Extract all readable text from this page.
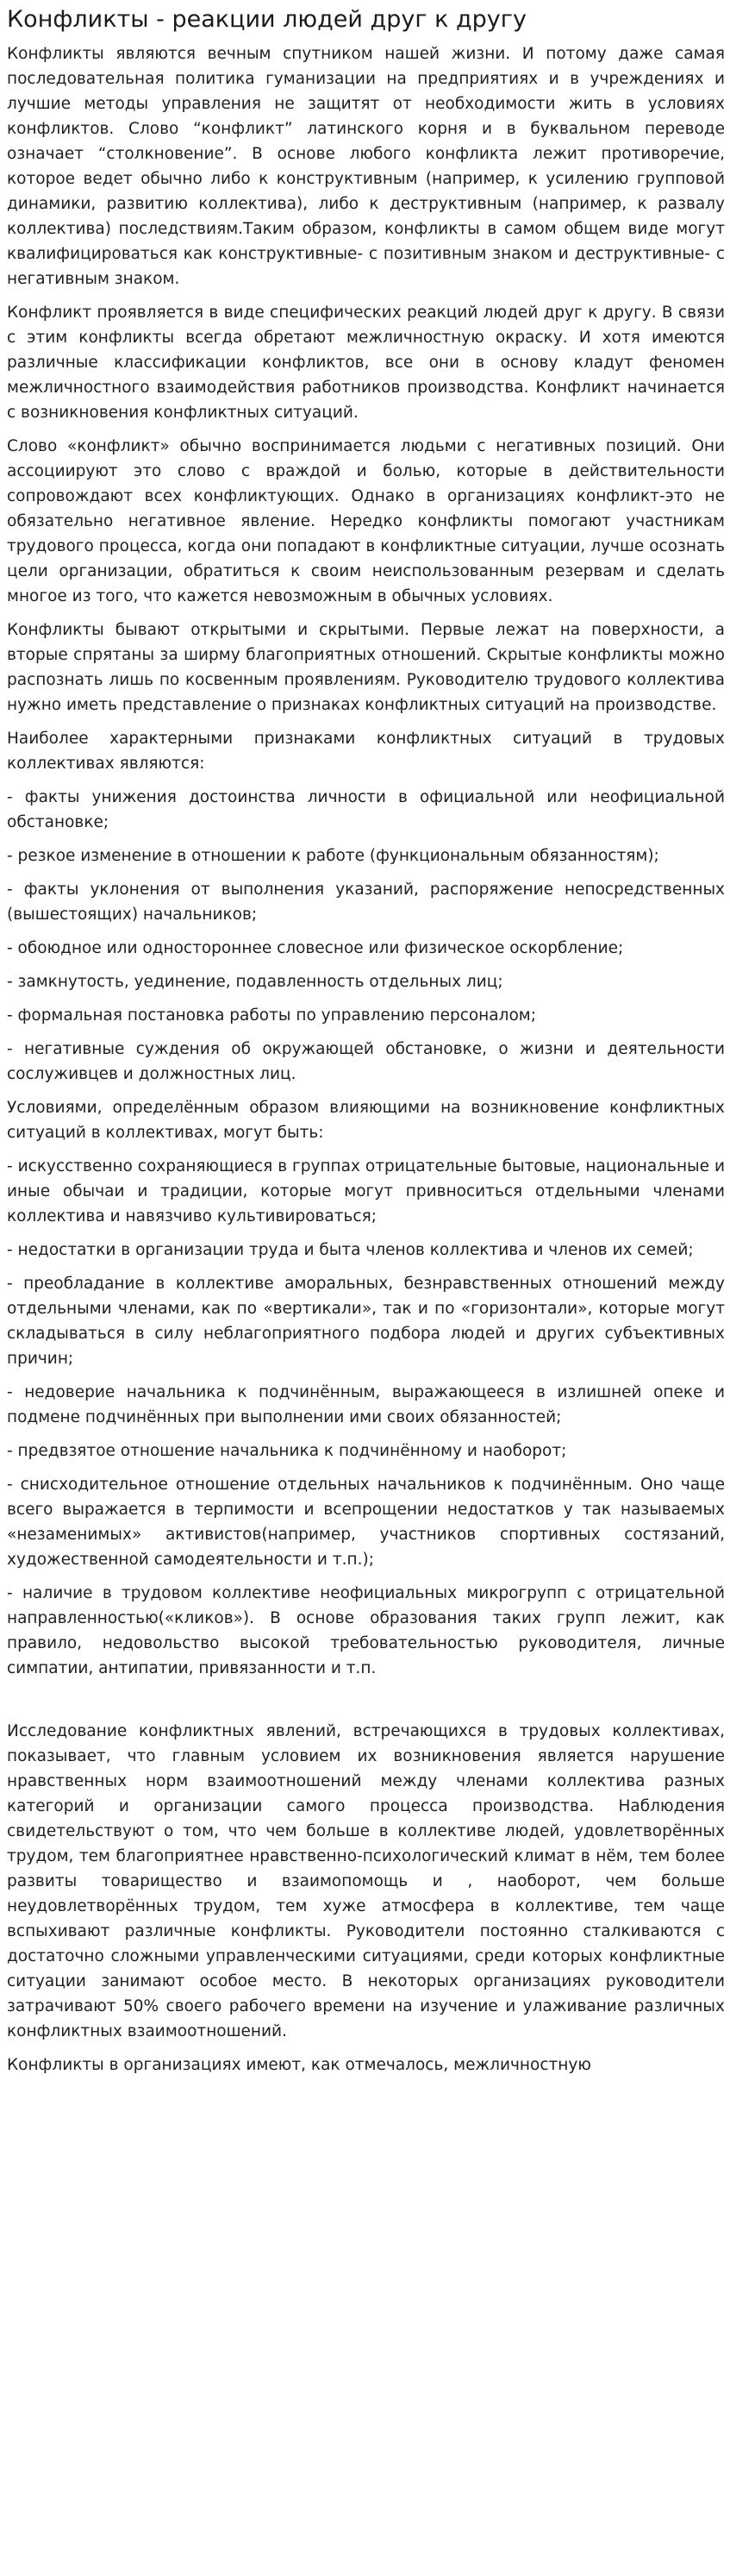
Конфликты - реакции людей друг к другу

Конфликты являются вечным спутником нашей жизни. И потому даже самая последовательная политика гуманизации на предприятиях и в учреждениях и лучшие методы управления не защитят от необходимости жить в условиях конфликтов. Слово “конфликт” латинского корня и в буквальном переводе означает “столкновение”. В основе любого конфликта лежит противоречие, которое ведет обычно либо к конструктивным (например, к усилению групповой динамики, развитию коллектива), либо к деструктивным (например, к развалу коллектива) последствиям.Таким образом, конфликты в самом общем виде могут квалифицироваться как конструктивные- с позитивным знаком и деструктивные- с негативным знаком.

Конфликт проявляется в виде специфических реакций людей друг к другу. В связи с этим конфликты всегда обретают межличностную окраску. И хотя имеются различные классификации конфликтов, все они в основу кладут феномен межличностного взаимодействия работников производства. Конфликт начинается с возникновения конфликтных ситуаций.

Слово «конфликт» обычно воспринимается людьми с негативных позиций. Они ассоциируют это слово с враждой и болью, которые в действительности сопровождают всех конфликтующих. Однако в организациях конфликт-это не обязательно негативное явление. Нередко конфликты помогают участникам трудового процесса, когда они попадают в конфликтные ситуации, лучше осознать цели организации, обратиться к своим неиспользованным резервам и сделать многое из того, что кажется невозможным в обычных условиях.

Конфликты бывают открытыми и скрытыми. Первые лежат на поверхности, а вторые спрятаны за ширму благоприятных отношений. Скрытые конфликты можно распознать лишь по косвенным проявлениям. Руководителю трудового коллектива нужно иметь представление о признаках конфликтных ситуаций на производстве.

Наиболее характерными признаками конфликтных ситуаций в трудовых коллективах являются:

- факты унижения достоинства личности в официальной или неофициальной обстановке;

- резкое изменение в отношении к работе (функциональным обязанностям);

- факты уклонения от выполнения указаний, распоряжение непосредственных (вышестоящих) начальников;

- обоюдное или одностороннее словесное или физическое оскорбление;

- замкнутость, уединение, подавленность отдельных лиц;

- формальная постановка работы по управлению персоналом;

- негативные суждения об окружающей обстановке, о жизни и деятельности сослуживцев и должностных лиц.

Условиями, определённым образом влияющими на возникновение конфликтных ситуаций в коллективах, могут быть:

- искусственно сохраняющиеся в группах отрицательные бытовые, национальные и иные обычаи и традиции, которые могут привноситься отдельными членами коллектива и навязчиво культивироваться;

- недостатки в организации труда и быта членов коллектива и членов их семей;

- преобладание в коллективе аморальных, безнравственных отношений между отдельными членами, как по «вертикали», так и по «горизонтали», которые могут складываться в силу неблагоприятного подбора людей и других субъективных причин;

- недоверие начальника к подчинённым, выражающееся в излишней опеке и подмене подчинённых при выполнении ими своих обязанностей;

- предвзятое отношение начальника к подчинённому и наоборот;

- снисходительное отношение отдельных начальников к подчинённым. Оно чаще всего выражается в терпимости и всепрощении недостатков у так называемых «незаменимых» активистов(например, участников спортивных состязаний, художественной самодеятельности и т.п.);

- наличие в трудовом коллективе неофициальных микрогрупп с отрицательной направленностью(«кликов»). В основе образования таких групп лежит, как правило, недовольство высокой требовательностью руководителя, личные симпатии, антипатии, привязанности и т.п.

Исследование конфликтных явлений, встречающихся в трудовых коллективах, показывает, что главным условием их возникновения является нарушение нравственных норм взаимоотношений между членами коллектива разных категорий и организации самого процесса производства. Наблюдения свидетельствуют о том, что чем больше в коллективе людей, удовлетворённых трудом, тем благоприятнее нравственно-психологический климат в нём, тем более развиты товарищество и взаимопомощь и , наоборот, чем больше неудовлетворённых трудом, тем хуже атмосфера в коллективе, тем чаще вспыхивают различные конфликты. Руководители постоянно сталкиваются с достаточно сложными управленческими ситуациями, среди которых конфликтные ситуации занимают особое место. В некоторых организациях руководители затрачивают 50% своего рабочего времени на изучение и улаживание различных конфликтных взаимоотношений.

Конфликты в организациях имеют, как отмечалось, межличностную
